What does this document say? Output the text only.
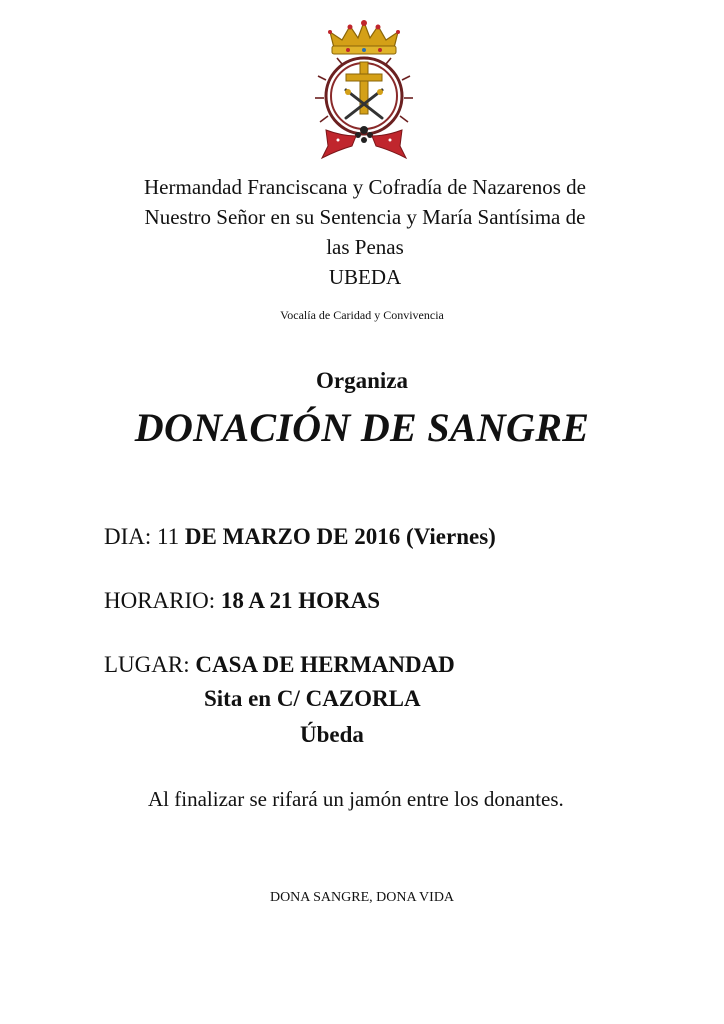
Hermandad Franciscana y Cofradía de Nazarenos de
Nuestro Señor en su Sentencia y María Santísima de
las Penas
UBEDA
Vocalía de Caridad y Convivencia
Organiza
DONACIÓN DE SANGRE
DIA: 11 DE MARZO DE 2016 (Viernes)
HORARIO: 18 A 21 HORAS
LUGAR: CASA DE HERMANDAD
Sita en C/ CAZORLA
Úbeda
Al finalizar se rifará un jamón entre los donantes.
DONA SANGRE, DONA VIDA
